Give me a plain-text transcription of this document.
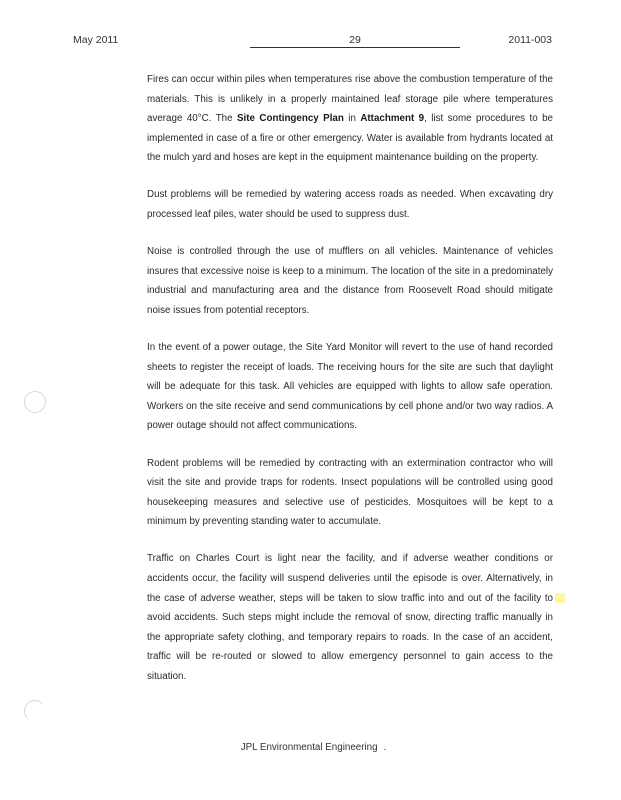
May 2011	29	2011-003

Fires can occur within piles when temperatures rise above the combustion temperature of the materials. This is unlikely in a properly maintained leaf storage pile where temperatures average 40°C. The Site Contingency Plan in Attachment 9, list some procedures to be implemented in case of a fire or other emergency. Water is available from hydrants located at the mulch yard and hoses are kept in the equipment maintenance building on the property.

Dust problems will be remedied by watering access roads as needed. When excavating dry processed leaf piles, water should be used to suppress dust.

Noise is controlled through the use of mufflers on all vehicles. Maintenance of vehicles insures that excessive noise is keep to a minimum. The location of the site in a predominately industrial and manufacturing area and the distance from Roosevelt Road should mitigate noise issues from potential receptors.

In the event of a power outage, the Site Yard Monitor will revert to the use of hand recorded sheets to register the receipt of loads. The receiving hours for the site are such that daylight will be adequate for this task. All vehicles are equipped with lights to allow safe operation. Workers on the site receive and send communications by cell phone and/or two way radios. A power outage should not affect communications.

Rodent problems will be remedied by contracting with an extermination contractor who will visit the site and provide traps for rodents. Insect populations will be controlled using good housekeeping measures and selective use of pesticides. Mosquitoes will be kept to a minimum by preventing standing water to accumulate.

Traffic on Charles Court is light near the facility, and if adverse weather conditions or accidents occur, the facility will suspend deliveries until the episode is over. Alternatively, in the case of adverse weather, steps will be taken to slow traffic into and out of the facility to avoid accidents. Such steps might include the removal of snow, directing traffic manually in the appropriate safety clothing, and temporary repairs to roads. In the case of an accident, traffic will be re-routed or slowed to allow emergency personnel to gain access to the situation.

JPL Environmental Engineering .
